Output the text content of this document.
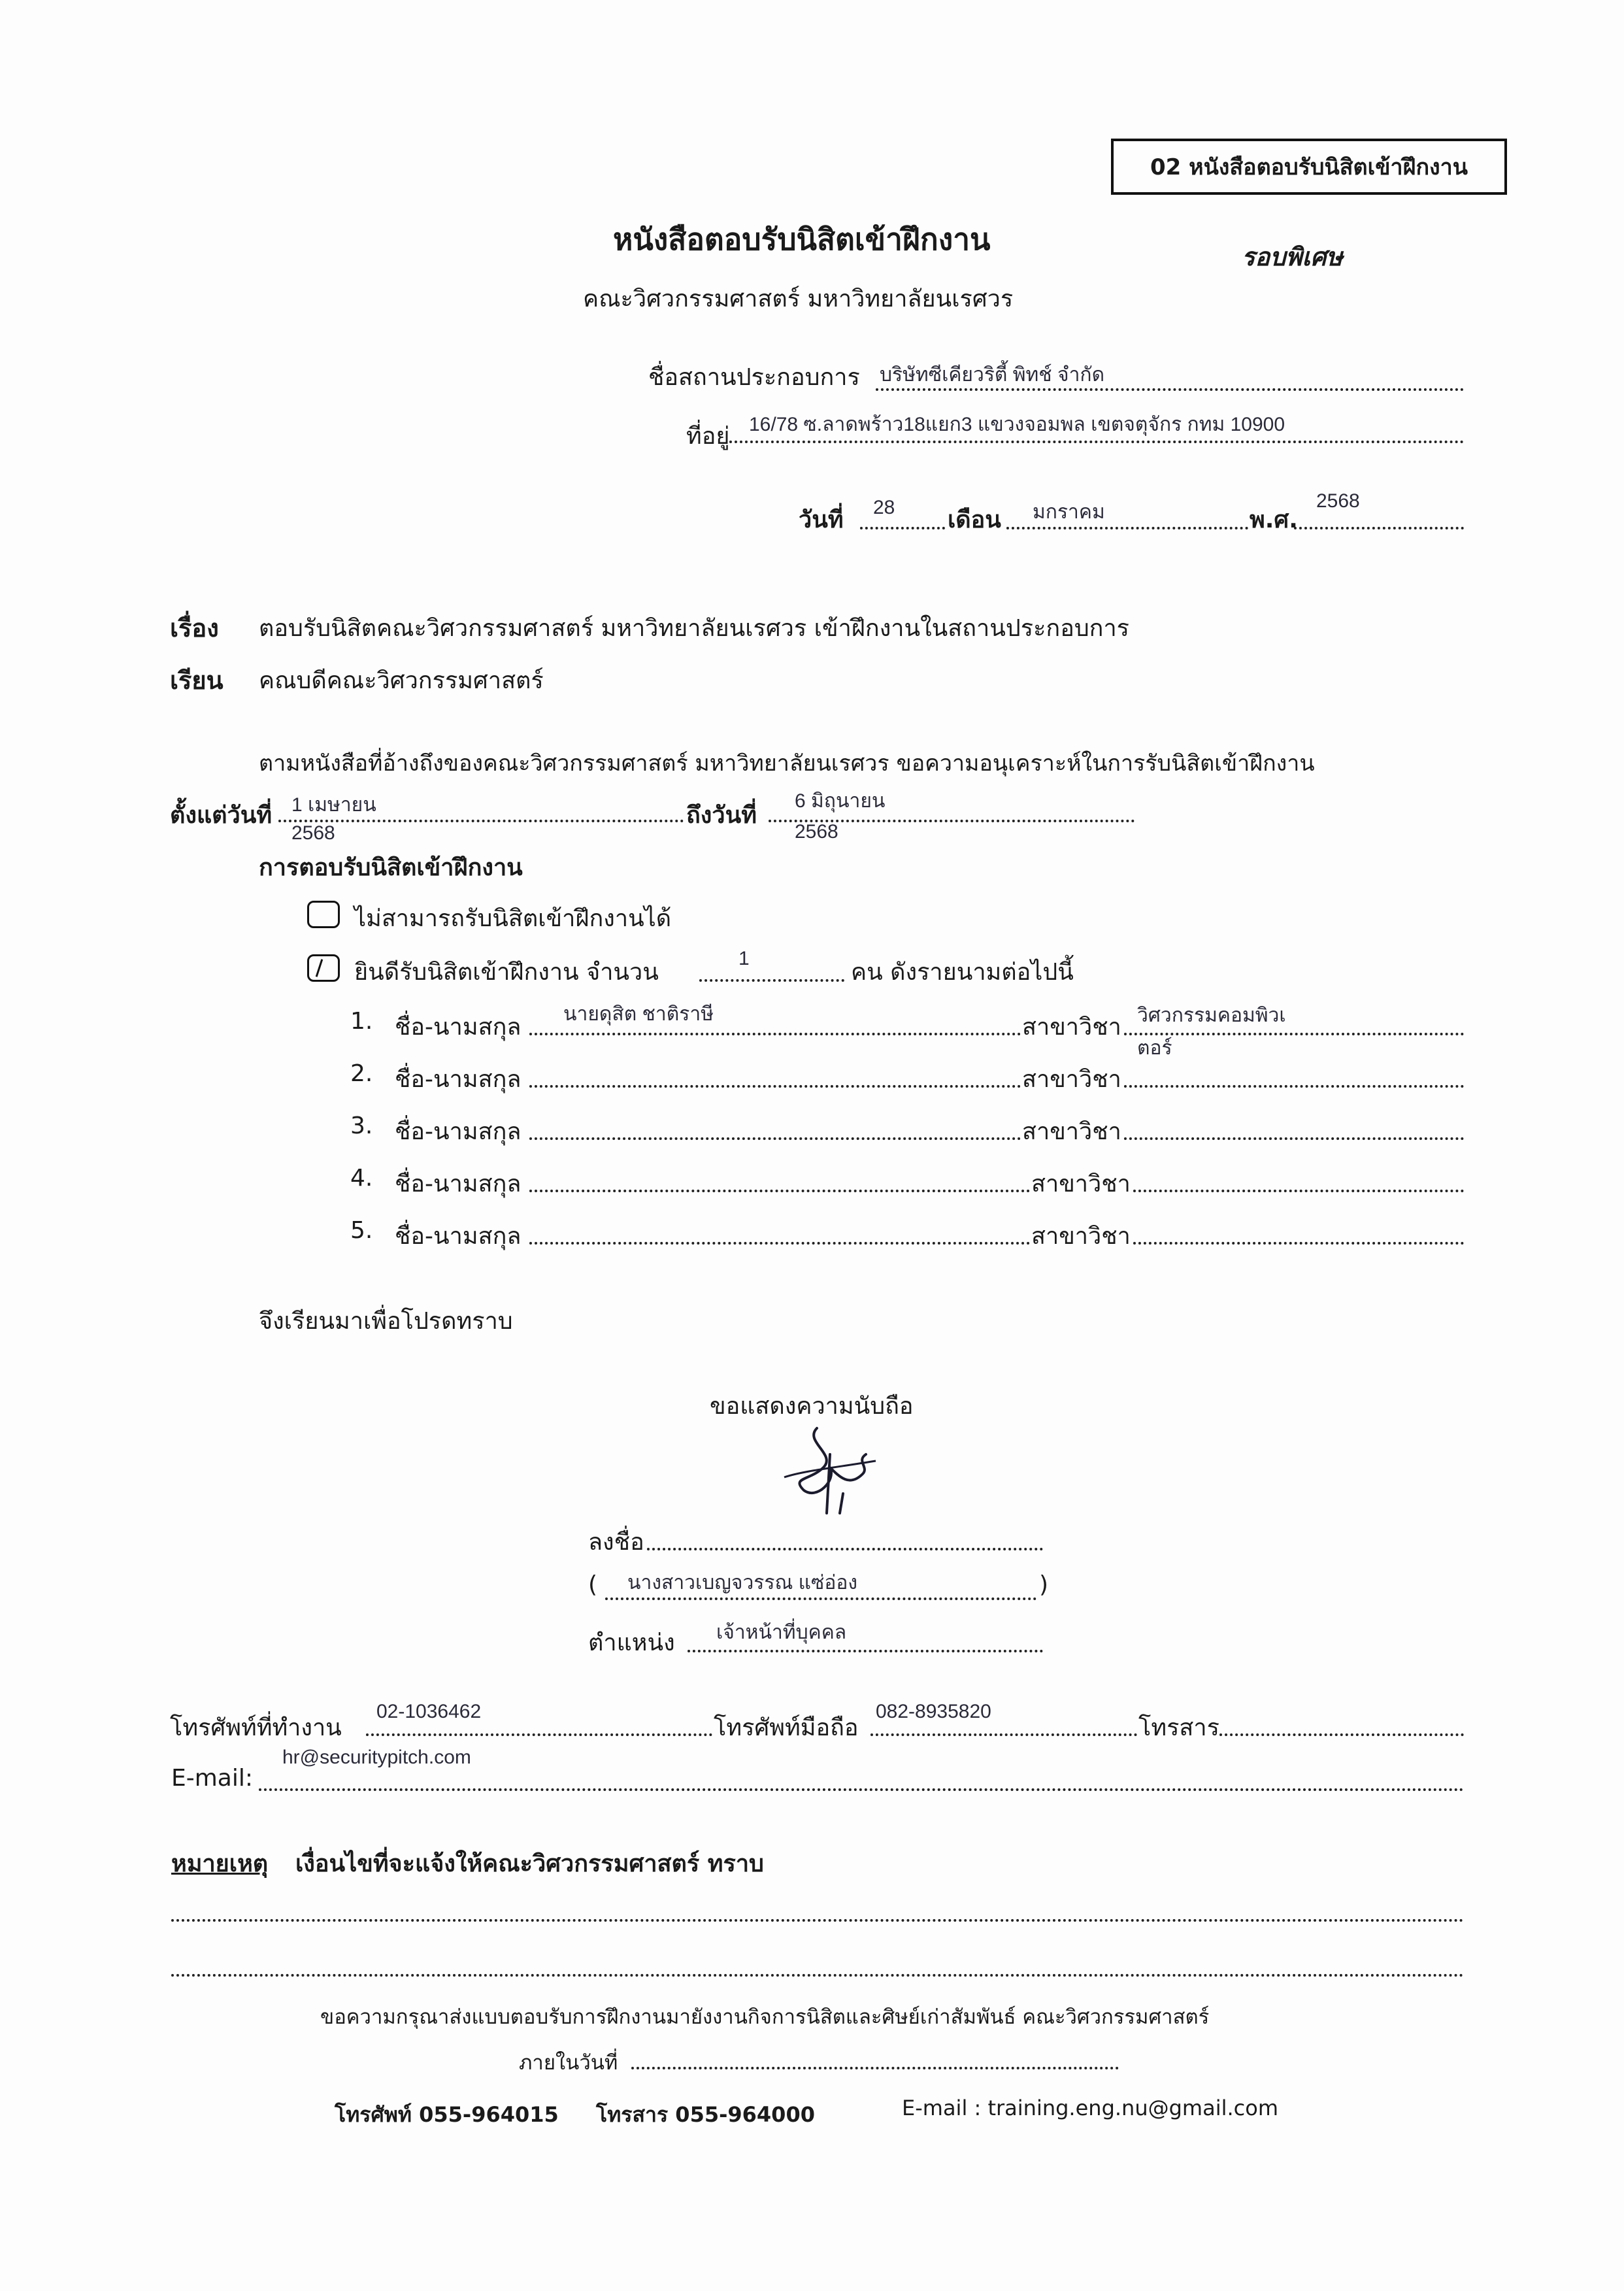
02 หนังสือตอบรับนิสิตเข้าฝึกงาน
หนังสือตอบรับนิสิตเข้าฝึกงาน	รอบพิเศษ
คณะวิศวกรรมศาสตร์ มหาวิทยาลัยนเรศวร
ชื่อสถานประกอบการ บริษัทซีเคียวริตี้ พิทช์ จำกัด
ที่อยู่ 16/78 ซ.ลาดพร้าว18แยก3 แขวงจอมพล เขตจตุจักร กทม 10900
วันที่ 28 เดือน มกราคม	พ.ศ.
2568
เรื่อง ตอบรับนิสิตคณะวิศวกรรมศาสตร์ มหาวิทยาลัยนเรศวร เข้าฝึกงานในสถานประกอบการ
เรียน คณบดีคณะวิศวกรรมศาสตร์
ตามหนังสือที่อ้างถึงของคณะวิศวกรรมศาสตร์ มหาวิทยาลัยนเรศวร ขอความอนุเคราะห์ในการรับนิสิตเข้าฝึกงาน
ตั้งแต่วันที่ 1 เมษายน
2568
ถึงวันที่
6 มิถุนายน
2568
การตอบรับนิสิตเข้าฝึกงาน
ไม่สามารถรับนิสิตเข้าฝึกงานได้
ยินดีรับนิสิตเข้าฝึกงาน จำนวน
1
คน ดังรายนามต่อไปนี้
1. ชื่อ-นามสกุล นายดุสิต ชาติราษี	สาขาวิชา วิศวกรรมคอมพิวเ
ตอร์
2. ชื่อ-นามสกุล	สาขาวิชา
3. ชื่อ-นามสกุล	สาขาวิชา
4. ชื่อ-นามสกุล	สาขาวิชา
5. ชื่อ-นามสกุล	สาขาวิชา
จึงเรียนมาเพื่อโปรดทราบ
ขอแสดงความนับถือ
ลงชื่อ
( นางสาวเบญจวรรณ แซ่อ่อง	)
ตำแหน่ง เจ้าหน้าที่บุคคล
โทรศัพท์ที่ทำงาน
02-1036462
โทรศัพท์มือถือ
082-8935820
โทรสาร
E-mail:
hr@securitypitch.com
หมายเหตุ เงื่อนไขที่จะแจ้งให้คณะวิศวกรรมศาสตร์ ทราบ
ขอความกรุณาส่งแบบตอบรับการฝึกงานมายังงานกิจการนิสิตและศิษย์เก่าสัมพันธ์ คณะวิศวกรรมศาสตร์
ภายในวันที่
โทรศัพท์ 055-964015 โทรสาร 055-964000	E-mail : training.eng.nu@gmail.com
